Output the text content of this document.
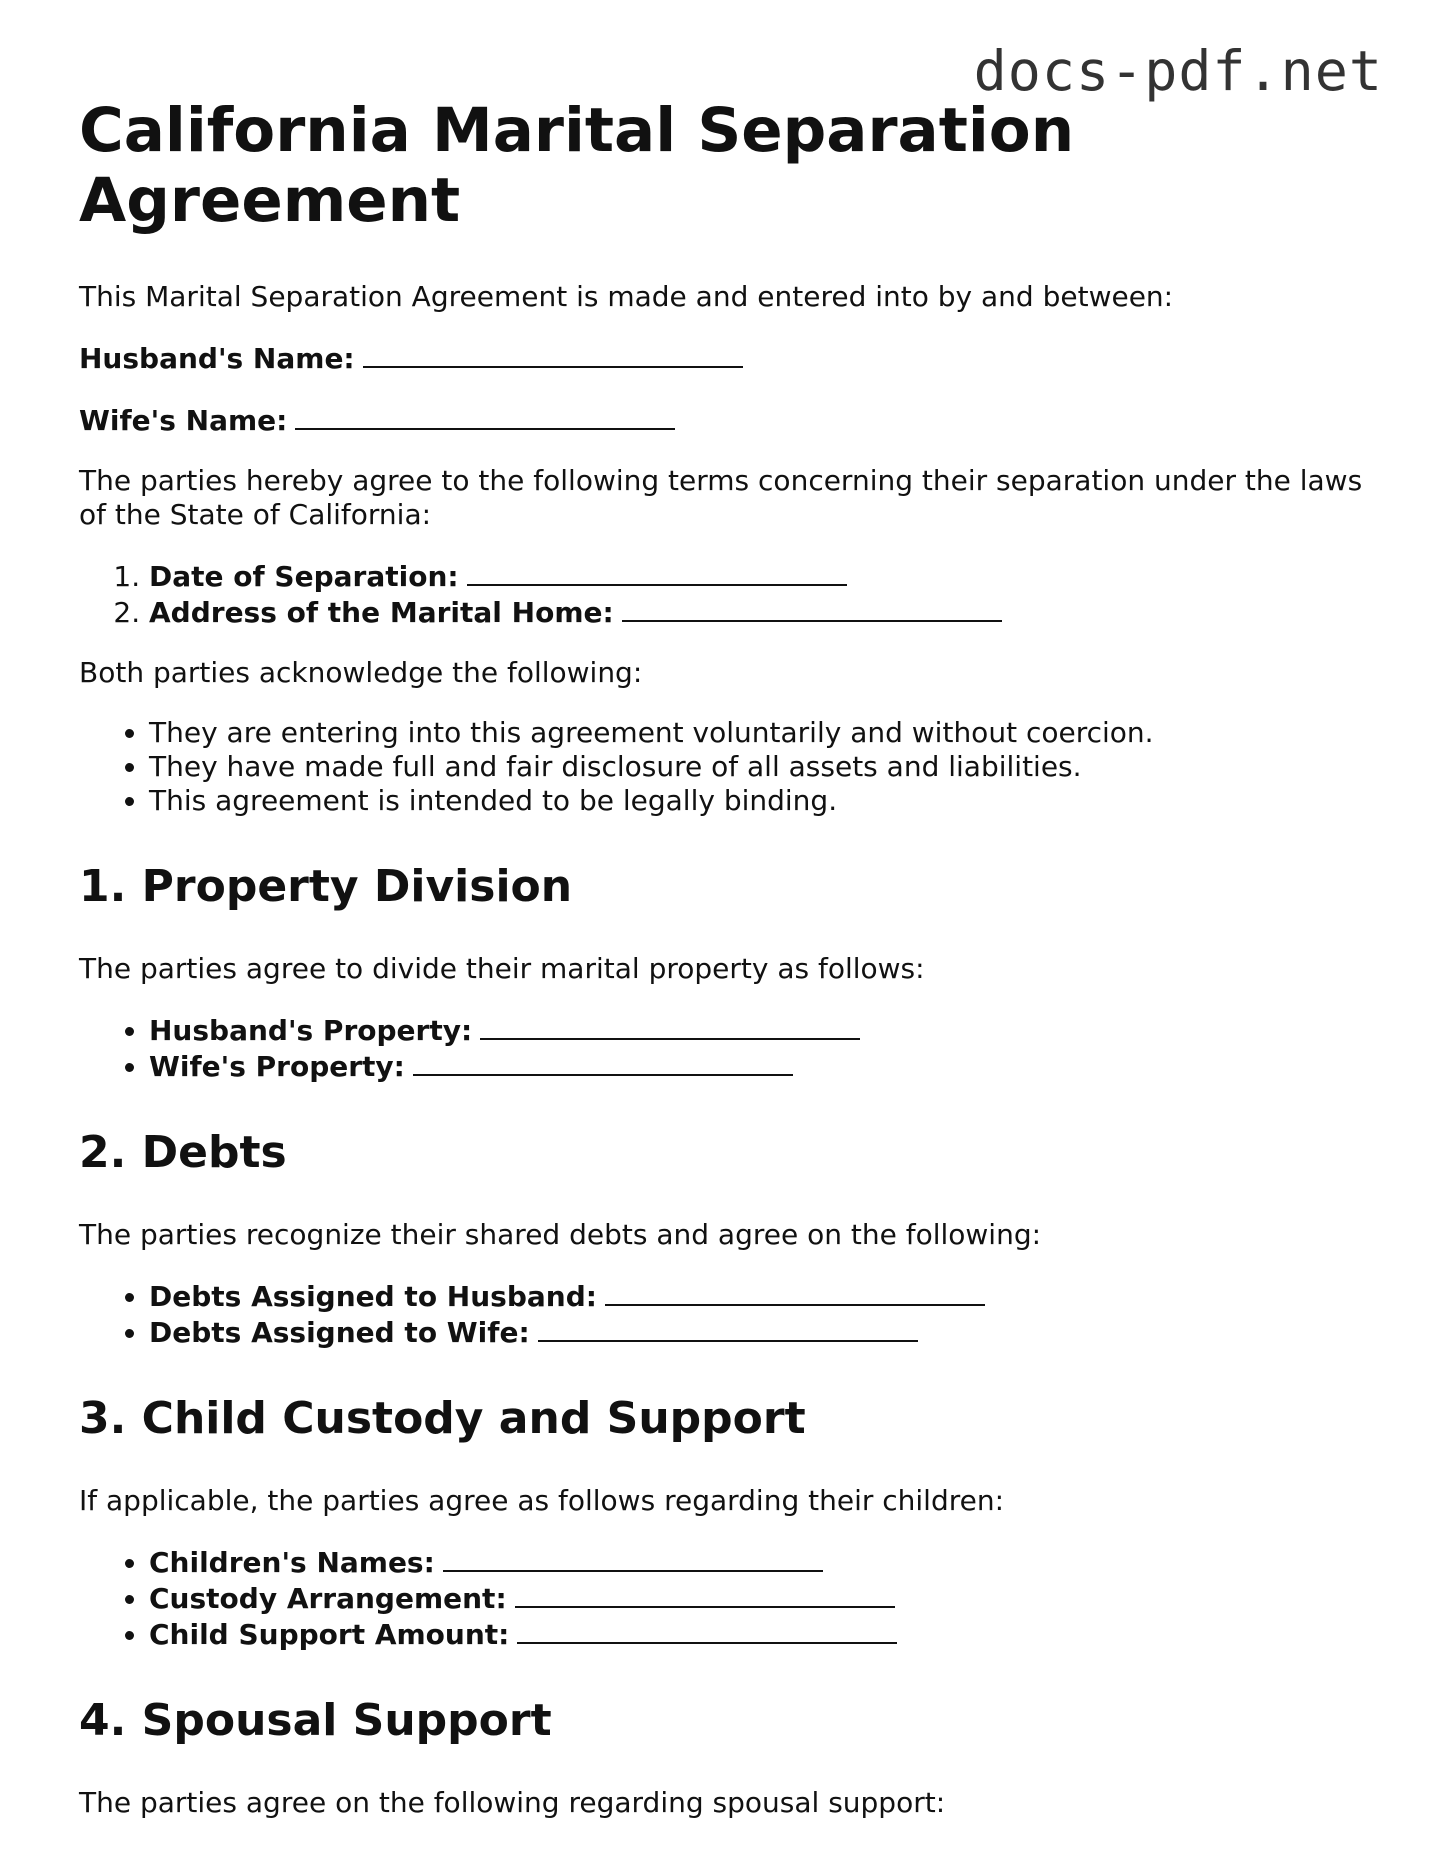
docs-pdf.net
California Marital Separation Agreement

This Marital Separation Agreement is made and entered into by and between:

Husband's Name:
Wife's Name:

The parties hereby agree to the following terms concerning their separation under the laws of the State of California:

1. Date of Separation:
2. Address of the Marital Home:

Both parties acknowledge the following:

• They are entering into this agreement voluntarily and without coercion.
• They have made full and fair disclosure of all assets and liabilities.
• This agreement is intended to be legally binding.
1. Property Division

The parties agree to divide their marital property as follows:

• Husband's Property:
• Wife's Property:
2. Debts

The parties recognize their shared debts and agree on the following:

• Debts Assigned to Husband:
• Debts Assigned to Wife:
3. Child Custody and Support

If applicable, the parties agree as follows regarding their children:

• Children's Names:
• Custody Arrangement:
• Child Support Amount:
4. Spousal Support

The parties agree on the following regarding spousal support:
